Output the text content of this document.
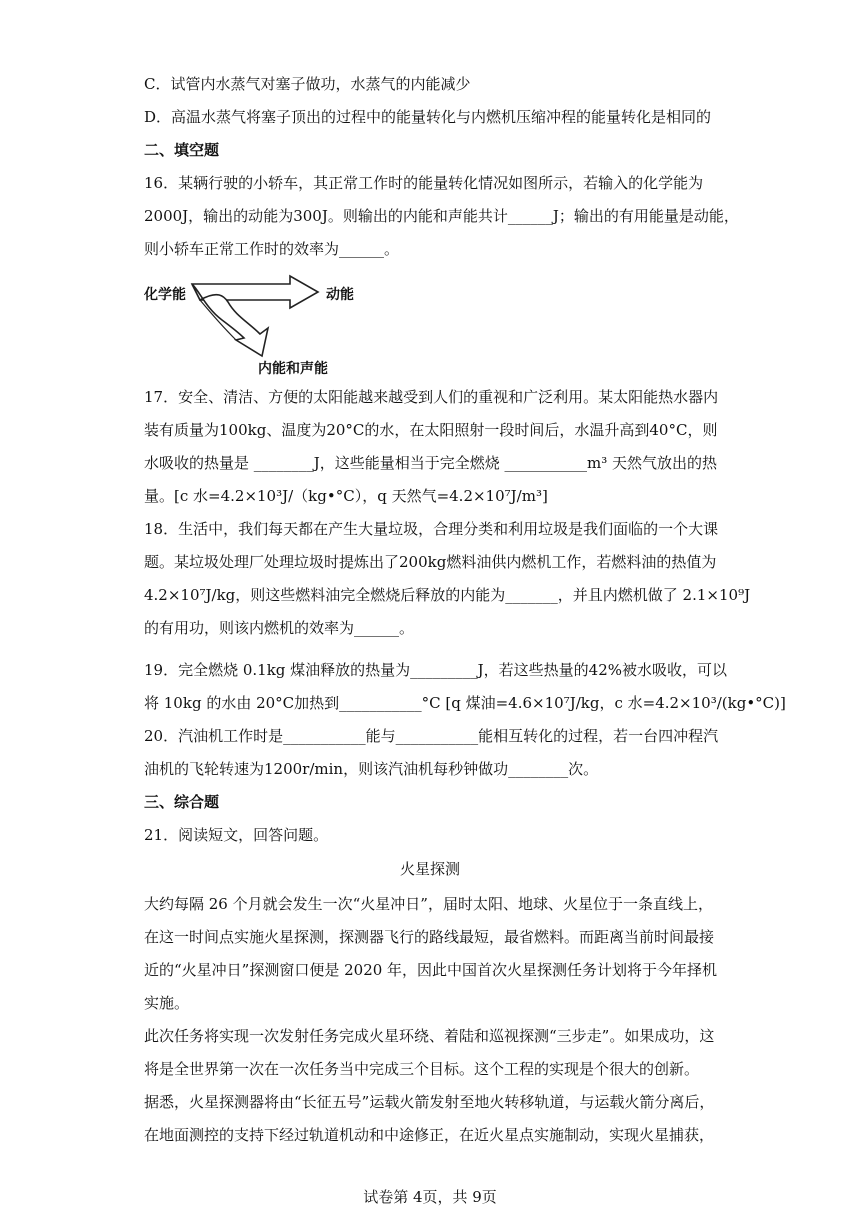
C．试管内水蒸气对塞子做功，水蒸气的内能减少
D．高温水蒸气将塞子顶出的过程中的能量转化与内燃机压缩冲程的能量转化是相同的
二、填空题
16．某辆行驶的小轿车，其正常工作时的能量转化情况如图所示，若输入的化学能为
2000J，输出的动能为300J。则输出的内能和声能共计______J；输出的有用能量是动能，
则小轿车正常工作时的效率为______。
化学能	动能
内能和声能
17．安全、清洁、方便的太阳能越来越受到人们的重视和广泛利用。某太阳能热水器内
装有质量为100kg、温度为20°C的水，在太阳照射一段时间后，水温升高到40°C，则
水吸收的热量是 ________J，这些能量相当于完全燃烧 ___________m³ 天然气放出的热
量。[c 水=4.2×10³J/（kg•°C），q 天然气=4.2×10⁷J/m³]
18．生活中，我们每天都在产生大量垃圾，合理分类和利用垃圾是我们面临的一个大课
题。某垃圾处理厂处理垃圾时提炼出了200kg燃料油供内燃机工作，若燃料油的热值为
4.2×10⁷J/kg，则这些燃料油完全燃烧后释放的内能为_______，并且内燃机做了 2.1×10⁹J
的有用功，则该内燃机的效率为______。
19．完全燃烧 0.1kg 煤油释放的热量为_________J，若这些热量的42%被水吸收，可以
将 10kg 的水由 20°C加热到___________°C [q 煤油=4.6×10⁷J/kg，c 水=4.2×10³/(kg•°C)]
20．汽油机工作时是___________能与___________能相互转化的过程，若一台四冲程汽
油机的飞轮转速为1200r/min，则该汽油机每秒钟做功________次。
三、综合题
21．阅读短文，回答问题。
火星探测
大约每隔 26 个月就会发生一次“火星冲日”，届时太阳、地球、火星位于一条直线上，
在这一时间点实施火星探测，探测器飞行的路线最短，最省燃料。而距离当前时间最接
近的“火星冲日”探测窗口便是 2020 年，因此中国首次火星探测任务计划将于今年择机
实施。
此次任务将实现一次发射任务完成火星环绕、着陆和巡视探测“三步走”。如果成功，这
将是全世界第一次在一次任务当中完成三个目标。这个工程的实现是个很大的创新。
据悉，火星探测器将由“长征五号”运载火箭发射至地火转移轨道，与运载火箭分离后，
在地面测控的支持下经过轨道机动和中途修正，在近火星点实施制动，实现火星捕获，
试卷第 4页，共 9页
